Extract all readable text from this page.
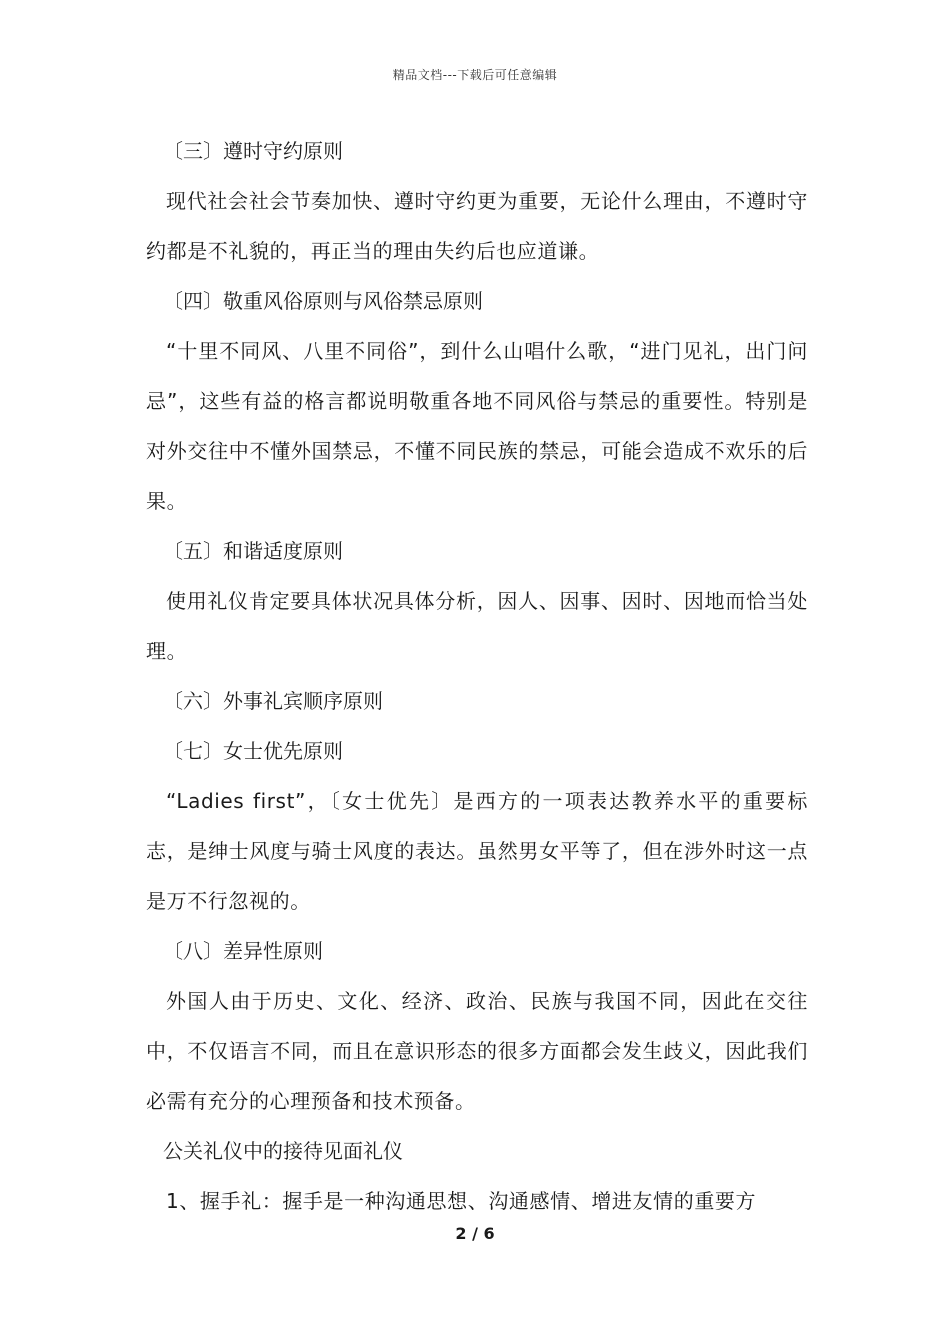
精品文档---下载后可任意编辑

〔三〕遵时守约原则

现代社会社会节奏加快、遵时守约更为重要，无论什么理由，不遵时守约都是不礼貌的，再正当的理由失约后也应道谦。

〔四〕敬重风俗原则与风俗禁忌原则

“十里不同风、八里不同俗”，到什么山唱什么歌，“进门见礼，出门问忌”，这些有益的格言都说明敬重各地不同风俗与禁忌的重要性。特别是对外交往中不懂外国禁忌，不懂不同民族的禁忌，可能会造成不欢乐的后果。

〔五〕和谐适度原则

使用礼仪肯定要具体状况具体分析，因人、因事、因时、因地而恰当处理。

〔六〕外事礼宾顺序原则

〔七〕女士优先原则

“Ladies first”，〔女士优先〕是西方的一项表达教养水平的重要标志，是绅士风度与骑士风度的表达。虽然男女平等了，但在涉外时这一点是万不行忽视的。

〔八〕差异性原则

外国人由于历史、文化、经济、政治、民族与我国不同，因此在交往中，不仅语言不同，而且在意识形态的很多方面都会发生歧义，因此我们必需有充分的心理预备和技术预备。

公关礼仪中的接待见面礼仪

1、握手礼：握手是一种沟通思想、沟通感情、增进友情的重要方

2 / 6
